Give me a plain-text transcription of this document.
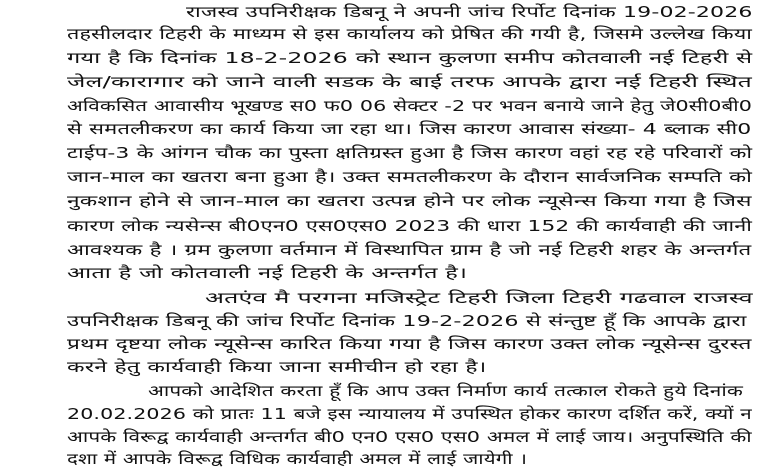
राजस्व उपनिरीक्षक डिबनू ने अपनी जांच रिर्पोट दिनांक 19-02-2026
तहसीलदार टिहरी के माध्यम से इस कार्यालय को प्रेषित की गयी है, जिसमे उल्लेख किया
गया है कि दिनांक 18-2-2026 को स्थान कुलणा समीप कोतवाली नई टिहरी से
जेल/कारागार को जाने वाली सडक के बाई तरफ आपके द्वारा नई टिहरी स्थित
अविकसित आवासीय भूखण्ड स0 फ0 06 सेक्टर -2 पर भवन बनाये जाने हेतु जे0सी0बी0
से समतलीकरण का कार्य किया जा रहा था। जिस कारण आवास संख्या- 4 ब्लाक सी0
टाईप-3 के आंगन चौक का पुस्ता क्षतिग्रस्त हुआ है जिस कारण वहां रह रहे परिवारों को
जान-माल का खतरा बना हुआ है। उक्त समतलीकरण के दौरान सार्वजनिक सम्पति को
नुकशान होने से जान-माल का खतरा उत्पन्न होने पर लोक न्यूसेन्स किया गया है जिस
कारण लोक न्यसेन्स बी0एन0 एस0एस0 2023 की धारा 152 की कार्यवाही की जानी
आवश्यक है । ग्रम कुलणा वर्तमान में विस्थापित ग्राम है जो नई टिहरी शहर के अन्तर्गत
आता है जो कोतवाली नई टिहरी के अन्तर्गत है।
अतएंव मै परगना मजिस्ट्रेट टिहरी जिला टिहरी गढवाल राजस्व
उपनिरीक्षक डिबनू की जांच रिर्पोट दिनांक 19-2-2026 से संन्तुष्ट हूँ कि आपके द्वारा
प्रथम दृष्टया लोक न्यूसेन्स कारित किया गया है जिस कारण उक्त लोक न्यूसेन्स दुरस्त
करने हेतु कार्यवाही किया जाना समीचीन हो रहा है।
आपको आदेशित करता हूँ कि आप उक्त निर्माण कार्य तत्काल रोकते हुये दिनांक
20.02.2026 को प्रातः 11 बजे इस न्यायालय में उपस्थित होकर कारण दर्शित करें, क्यों न
आपके विरूद्व कार्यवाही अन्तर्गत बी0 एन0 एस0 एस0 अमल में लाई जाय। अनुपस्थिति की
दशा में आपके विरूद्व विधिक कार्यवाही अमल में लाई जायेगी ।
